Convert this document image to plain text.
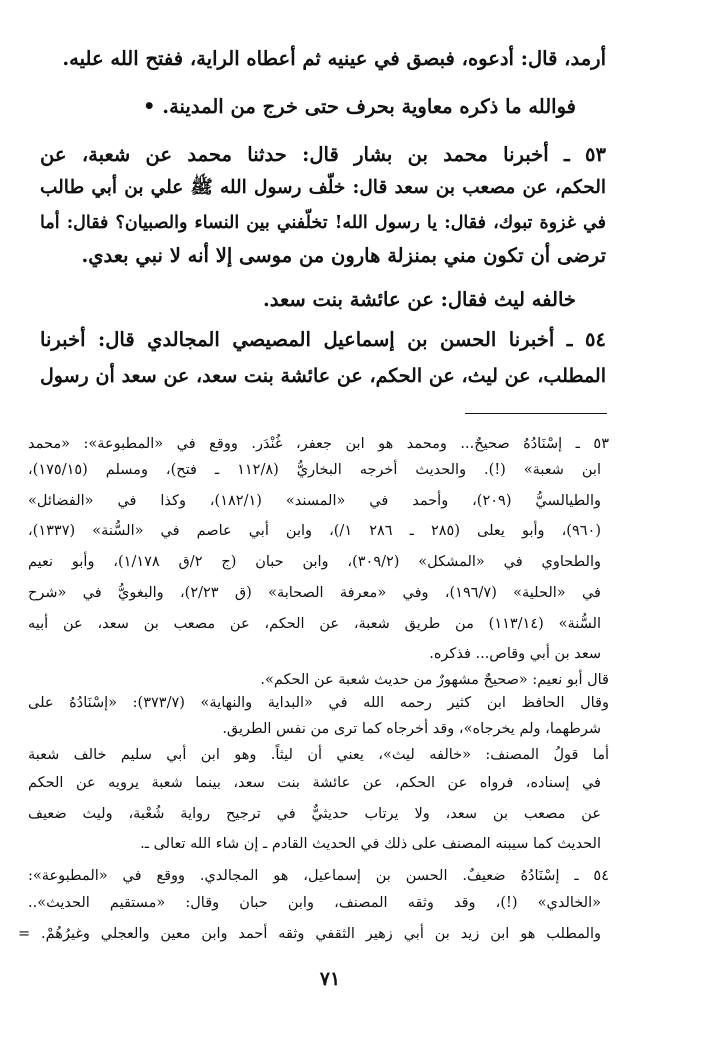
أرمد، قال: أدعوه، فبصق في عينيه ثم أعطاه الراية، ففتح الله عليه.
فوالله ما ذكره معاوية بحرف حتى خرج من المدينة. •
٥٣ ـ أخبرنا محمد بن بشار قال: حدثنا محمد عن شعبة، عن
الحكم، عن مصعب بن سعد قال: خلّف رسول الله ﷺ علي بن أبي طالب
في غزوة تبوك، فقال: يا رسول الله! تخلّفني بين النساء والصبيان؟ فقال: أما
ترضى أن تكون مني بمنزلة هارون من موسى إلا أنه لا نبي بعدي.
خالفه ليث فقال: عن عائشة بنت سعد.
٥٤ ـ أخبرنا الحسن بن إسماعيل المصيصي المجالدي قال: أخبرنا
المطلب، عن ليث، عن الحكم، عن عائشة بنت سعد، عن سعد أن رسول
٥٣ ـ إسْنَادُهُ صحيحٌ... ومحمد هو ابن جعفر، غُنْدَر. ووقع في «المطبوعة»: «محمد
ابن شعبة» (!). والحديث أخرجه البخاريُّ (١١٢/٨ ـ فتح)، ومسلم (١٧٥/١٥)،
والطيالسيُّ (٢٠٩)، وأحمد في «المسند» (١٨٢/١)، وكذا في «الفضائل»
(٩٦٠)، وأبو يعلى (٢٨٥ ـ ٢٨٦ ١/)، وابن أبي عاصم في «السُّنة» (١٣٣٧)،
والطحاوي في «المشكل» (٣٠٩/٢)، وابن حبان (ج ٢/ق ١/١٧٨)، وأبو نعيم
في «الحلية» (١٩٦/٧)، وفي «معرفة الصحابة» (ق ٢/٢٣)، والبغويُّ في «شرح
السُّنة» (١١٣/١٤) من طريق شعبة، عن الحكم، عن مصعب بن سعد، عن أبيه
سعد بن أبي وقاص... فذكره.
قال أبو نعيم: «صحيحٌ مشهورٌ من حديث شعبة عن الحكم».
وقال الحافظ ابن كثير رحمه الله في «البداية والنهاية» (٣٧٣/٧): «إسْنَادُهُ على
شرطهما، ولم يخرجاه»، وقد أخرجاه كما ترى من نفس الطريق.
أما قولُ المصنف: «خالفه ليث»، يعني أن ليثاً. وهو ابن أبي سليم خالف شعبة
في إسناده، فرواه عن الحكم، عن عائشة بنت سعد، بينما شعبة يرويه عن الحكم
عن مصعب بن سعد، ولا يرتاب حديثيٌّ في ترجيح رواية شُعْبة، وليث ضعيف
الحديث كما سيبنه المصنف على ذلك في الحديث القادم ـ إن شاء الله تعالى ـ.
٥٤ ـ إسْنَادُهُ ضعيفٌ. الحسن بن إسماعيل، هو المجالدي. ووقع في «المطبوعة»:
«الخالدي» (!)، وقد وثقه المصنف، وابن حبان وقال: «مستقيم الحديث»..
والمطلب هو ابن زيد بن أبي زهير الثقفي وثقه أحمد وابن معين والعجلي وغيرُهُمْ. =
٧١
